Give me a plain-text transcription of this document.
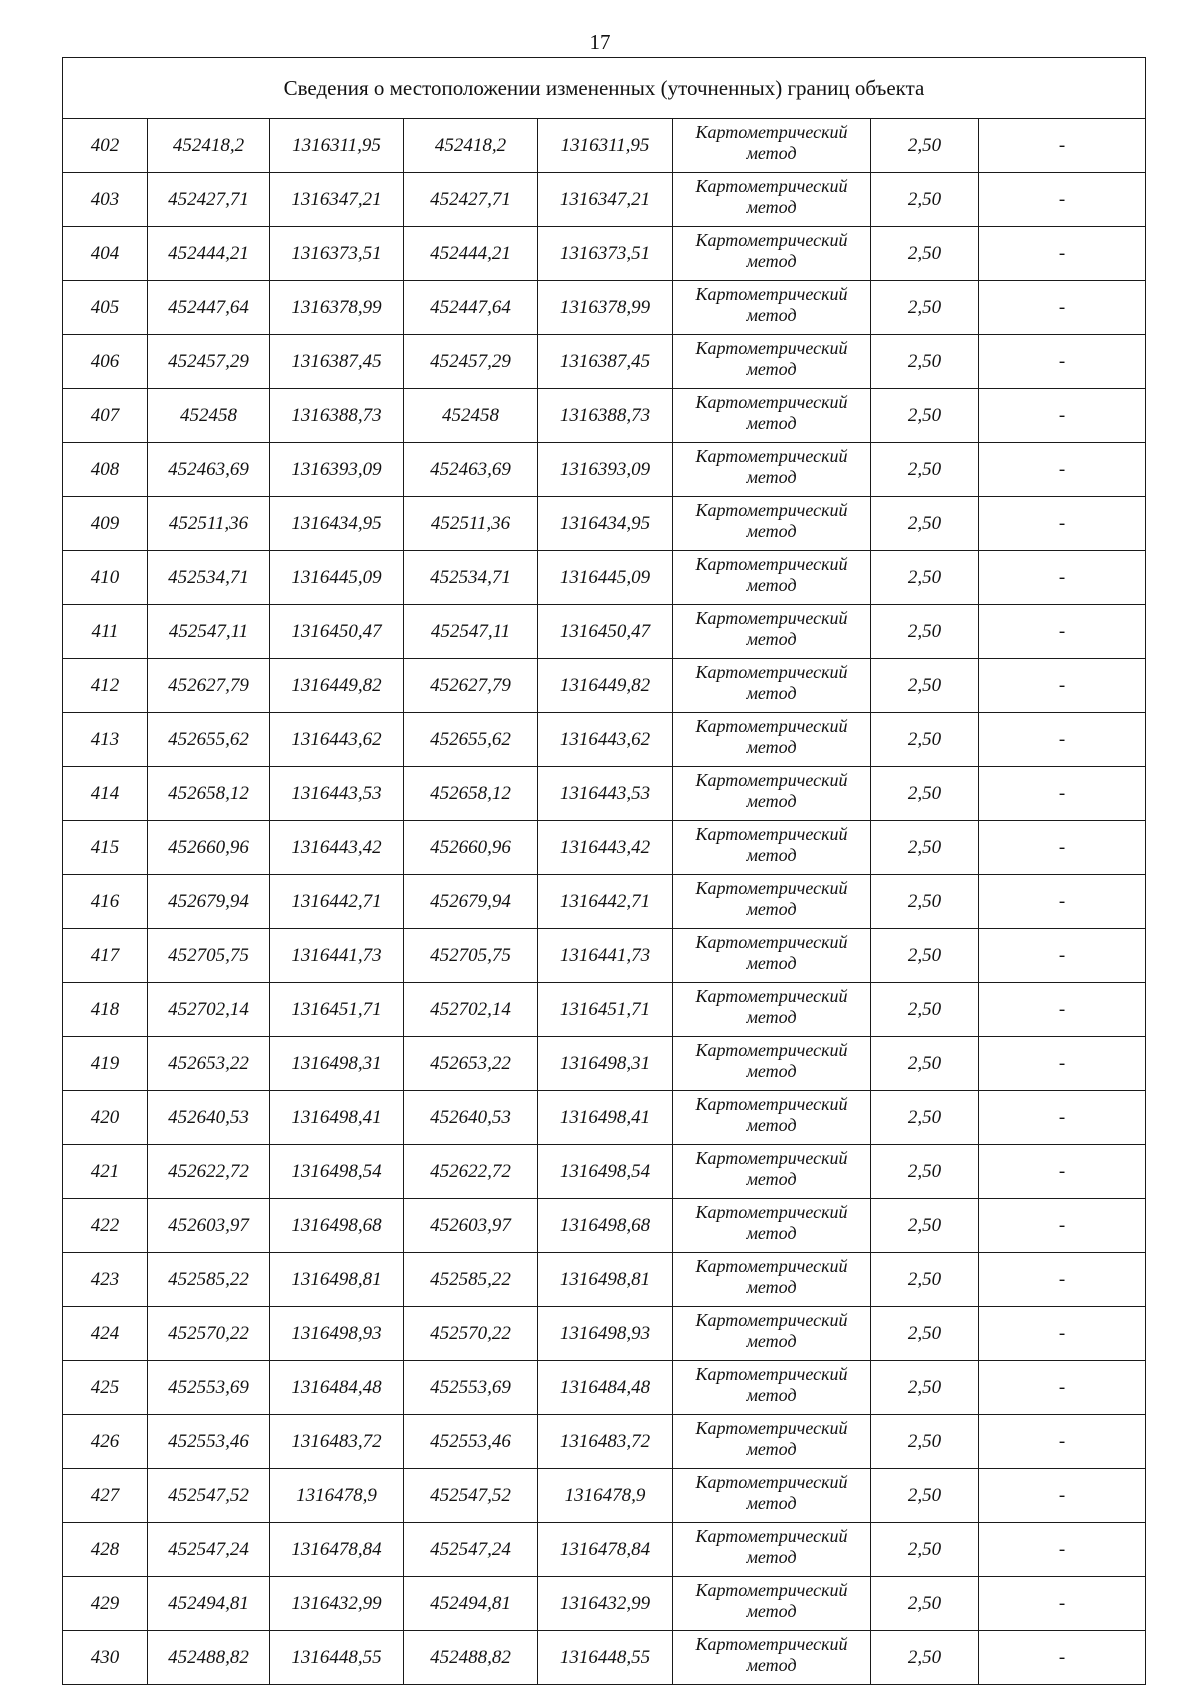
17
Сведения о местоположении измененных (уточненных) границ объекта							
402	452418,2	1316311,95	452418,2	1316311,95	Картометрический метод	2,50	-
403	452427,71	1316347,21	452427,71	1316347,21	Картометрический метод	2,50	-
404	452444,21	1316373,51	452444,21	1316373,51	Картометрический метод	2,50	-
405	452447,64	1316378,99	452447,64	1316378,99	Картометрический метод	2,50	-
406	452457,29	1316387,45	452457,29	1316387,45	Картометрический метод	2,50	-
407	452458	1316388,73	452458	1316388,73	Картометрический метод	2,50	-
408	452463,69	1316393,09	452463,69	1316393,09	Картометрический метод	2,50	-
409	452511,36	1316434,95	452511,36	1316434,95	Картометрический метод	2,50	-
410	452534,71	1316445,09	452534,71	1316445,09	Картометрический метод	2,50	-
411	452547,11	1316450,47	452547,11	1316450,47	Картометрический метод	2,50	-
412	452627,79	1316449,82	452627,79	1316449,82	Картометрический метод	2,50	-
413	452655,62	1316443,62	452655,62	1316443,62	Картометрический метод	2,50	-
414	452658,12	1316443,53	452658,12	1316443,53	Картометрический метод	2,50	-
415	452660,96	1316443,42	452660,96	1316443,42	Картометрический метод	2,50	-
416	452679,94	1316442,71	452679,94	1316442,71	Картометрический метод	2,50	-
417	452705,75	1316441,73	452705,75	1316441,73	Картометрический метод	2,50	-
418	452702,14	1316451,71	452702,14	1316451,71	Картометрический метод	2,50	-
419	452653,22	1316498,31	452653,22	1316498,31	Картометрический метод	2,50	-
420	452640,53	1316498,41	452640,53	1316498,41	Картометрический метод	2,50	-
421	452622,72	1316498,54	452622,72	1316498,54	Картометрический метод	2,50	-
422	452603,97	1316498,68	452603,97	1316498,68	Картометрический метод	2,50	-
423	452585,22	1316498,81	452585,22	1316498,81	Картометрический метод	2,50	-
424	452570,22	1316498,93	452570,22	1316498,93	Картометрический метод	2,50	-
425	452553,69	1316484,48	452553,69	1316484,48	Картометрический метод	2,50	-
426	452553,46	1316483,72	452553,46	1316483,72	Картометрический метод	2,50	-
427	452547,52	1316478,9	452547,52	1316478,9	Картометрический метод	2,50	-
428	452547,24	1316478,84	452547,24	1316478,84	Картометрический метод	2,50	-
429	452494,81	1316432,99	452494,81	1316432,99	Картометрический метод	2,50	-
430	452488,82	1316448,55	452488,82	1316448,55	Картометрический метод	2,50	-
